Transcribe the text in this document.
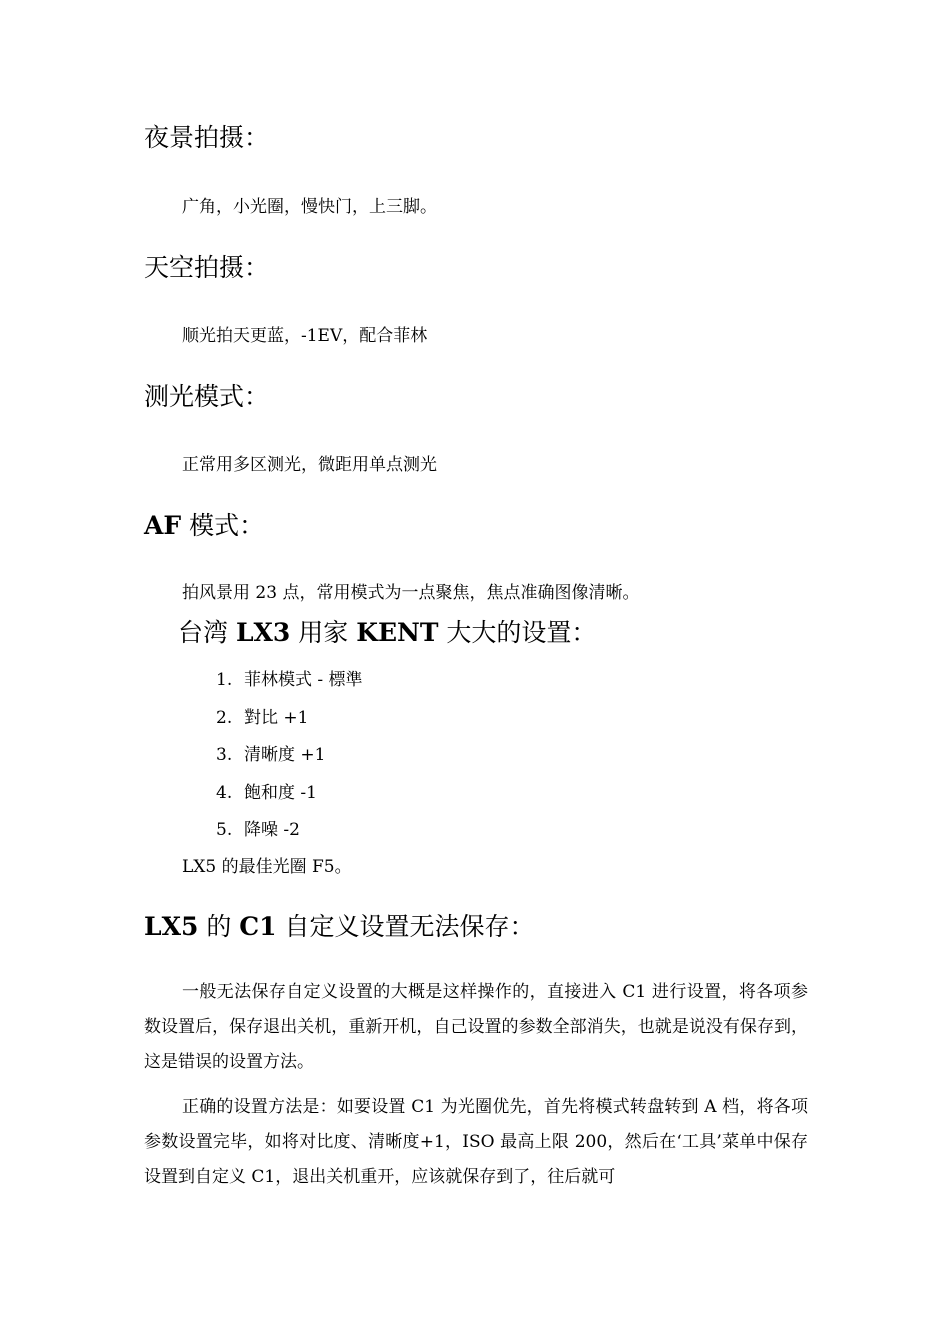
夜景拍摄：
广角，小光圈，慢快门，上三脚。
天空拍摄：
顺光拍天更蓝，-1EV，配合菲林
测光模式：
正常用多区测光，微距用单点测光
AF 模式：
拍风景用 23 点，常用模式为一点聚焦，焦点准确图像清晰。
台湾 LX3 用家 KENT 大大的设置：
1. 菲林模式 - 標準
2. 對比 +1
3. 清晰度 +1
4. 飽和度 -1
5. 降噪 -2
LX5 的最佳光圈 F5。
LX5 的 C1 自定义设置无法保存：
一般无法保存自定义设置的大概是这样操作的，直接进入 C1 进行设置，将各项参数设置后，保存退出关机，重新开机，自己设置的参数全部消失，也就是说没有保存到，这是错误的设置方法。
正确的设置方法是：如要设置 C1 为光圈优先，首先将模式转盘转到 A 档，将各项参数设置完毕，如将对比度、清晰度+1，ISO 最高上限 200，然后在‘工具’菜单中保存设置到自定义 C1，退出关机重开，应该就保存到了，往后就可
